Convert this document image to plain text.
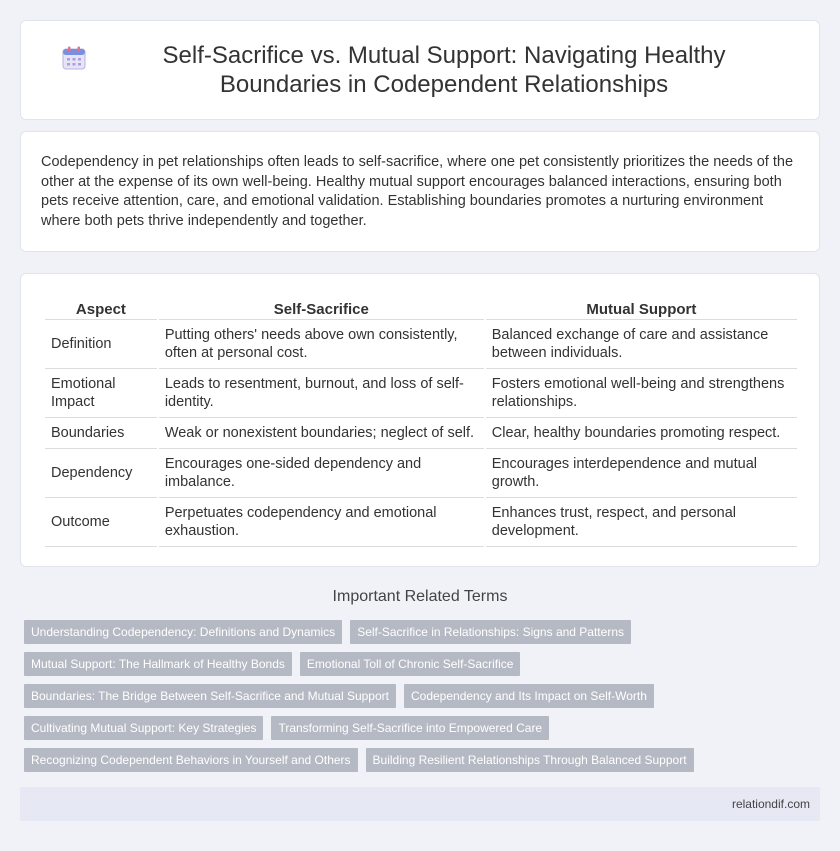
Self-Sacrifice vs. Mutual Support: Navigating Healthy Boundaries in Codependent Relationships

Codependency in pet relationships often leads to self-sacrifice, where one pet consistently prioritizes the needs of the other at the expense of its own well-being. Healthy mutual support encourages balanced interactions, ensuring both pets receive attention, care, and emotional validation. Establishing boundaries promotes a nurturing environment where both pets thrive independently and together.

Aspect	Self-Sacrifice	Mutual Support
Definition	Putting others' needs above own consistently, often at personal cost.	Balanced exchange of care and assistance between individuals.
Emotional Impact	Leads to resentment, burnout, and loss of self-identity.	Fosters emotional well-being and strengthens relationships.
Boundaries	Weak or nonexistent boundaries; neglect of self.	Clear, healthy boundaries promoting respect.
Dependency	Encourages one-sided dependency and imbalance.	Encourages interdependence and mutual growth.
Outcome	Perpetuates codependency and emotional exhaustion.	Enhances trust, respect, and personal development.
Important Related Terms
Understanding Codependency: Definitions and Dynamics	Self-Sacrifice in Relationships: Signs and Patterns
Mutual Support: The Hallmark of Healthy Bonds	Emotional Toll of Chronic Self-Sacrifice
Boundaries: The Bridge Between Self-Sacrifice and Mutual Support	Codependency and Its Impact on Self-Worth
Cultivating Mutual Support: Key Strategies	Transforming Self-Sacrifice into Empowered Care
Recognizing Codependent Behaviors in Yourself and Others	Building Resilient Relationships Through Balanced Support
relationdif.com
